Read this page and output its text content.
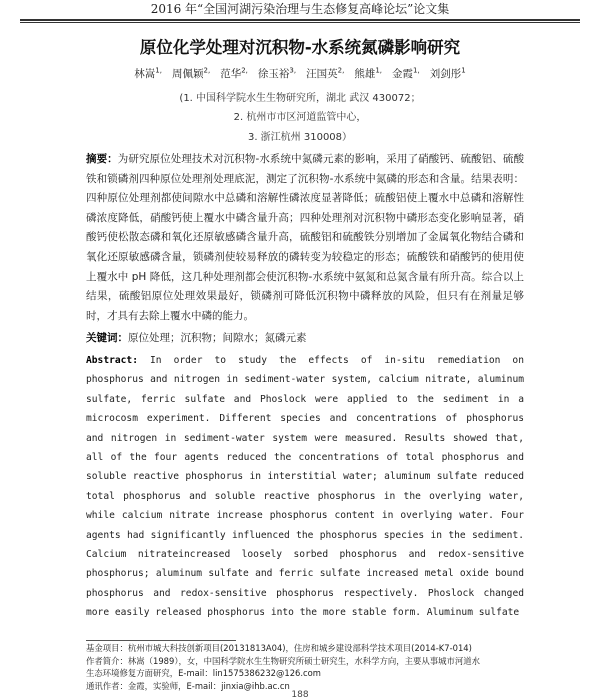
2016 年“全国河湖污染治理与生态修复高峰论坛”论文集
原位化学处理对沉积物-水系统氮磷影响研究
林嵩$^{1,}$ 周佩颖$^{2,}$ 范华$^{2,}$ 徐玉裕$^{3,}$ 汪国英$^{2,}$ 熊雄$^{1,}$ 金霞$^{1,}$ 刘剑彤$^1$
(1. 中国科学院水生生物研究所，湖北 武汉 430072；
2. 杭州市市区河道监管中心，
3. 浙江杭州 310008）
摘要：为研究原位处理技术对沉积物-水系统中氮磷元素的影响，采用了硝酸钙、硫酸铝、硫酸铁和锁磷剂四种原位处理剂处理底泥，测定了沉积物-水系统中氮磷的形态和含量。结果表明：四种原位处理剂都使间隙水中总磷和溶解性磷浓度显著降低；硫酸铝使上覆水中总磷和溶解性磷浓度降低，硝酸钙使上覆水中磷含量升高；四种处理剂对沉积物中磷形态变化影响显著，硝酸钙使松散态磷和氧化还原敏感磷含量升高，硫酸铝和硫酸铁分别增加了金属氧化物结合磷和氧化还原敏感磷含量，锁磷剂使较易释放的磷转变为较稳定的形态；硫酸铁和硝酸钙的使用使上覆水中 pH 降低，这几种处理剂都会使沉积物-水系统中氨氮和总氮含量有所升高。综合以上结果，硫酸铝原位处理效果最好，锁磷剂可降低沉积物中磷释放的风险，但只有在剂量足够时，才具有去除上覆水中磷的能力。
关键词：原位处理；沉积物；间隙水；氮磷元素
Abstract: In order to study the effects of in-situ remediation on phosphorus and nitrogen in sediment-water system, calcium nitrate, aluminum sulfate, ferric sulfate and Phoslock were applied to the sediment in a microcosm experiment. Different species and concentrations of phosphorus and nitrogen in sediment-water system were measured. Results showed that, all of the four agents reduced the concentrations of total phosphorus and soluble reactive phosphorus in interstitial water; aluminum sulfate reduced total phosphorus and soluble reactive phosphorus in the overlying water, while calcium nitrate increase phosphorus content in overlying water. Four agents had significantly influenced the phosphorus species in the sediment. Calcium nitrateincreased loosely sorbed phosphorus and redox-sensitive phosphorus; aluminum sulfate and ferric sulfate increased metal oxide bound phosphorus and redox-sensitive phosphorus respectively. Phoslock changed more easily released phosphorus into the more stable form. Aluminum sulfate
基金项目：杭州市城大科技创新项目(20131813A04)，住房和城乡建设部科学技术项目(2014-K7-014)
作者简介：林嵩（1989），女，中国科学院水生生物研究所硕士研究生，水科学方向，主要从事城市河道水
生态环境修复方面研究，E-mail：lin1575386232@126.com
通讯作者：金霞，实验师，E-mail：jinxia@ihb.ac.cn
188
